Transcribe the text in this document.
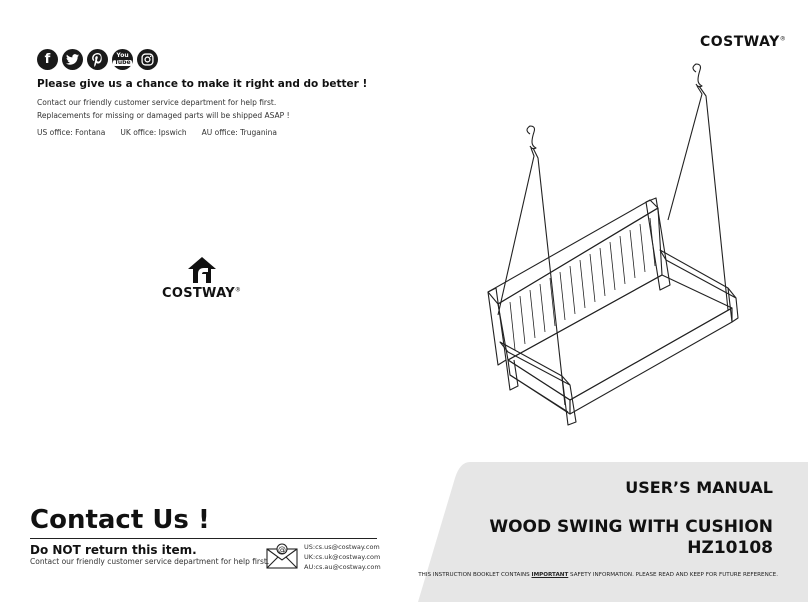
f	You
Tube
Please give us a chance to make it right and do better !
Contact our friendly customer service department for help first.
Replacements for missing or damaged parts will be shipped ASAP !
US office: Fontana UK office: Ipswich AU office: Truganina
COSTWAY®
COSTWAY®
Contact Us !
Do NOT return this item.
Contact our friendly customer service department for help first.
@	US:cs.us@costway.com
UK:cs.uk@costway.com
AU:cs.au@costway.com
USER’S MANUAL
WOOD SWING WITH CUSHION
HZ10108
THIS INSTRUCTION BOOKLET CONTAINS IMPORTANT SAFETY INFORMATION. PLEASE READ AND KEEP FOR FUTURE REFERENCE.
